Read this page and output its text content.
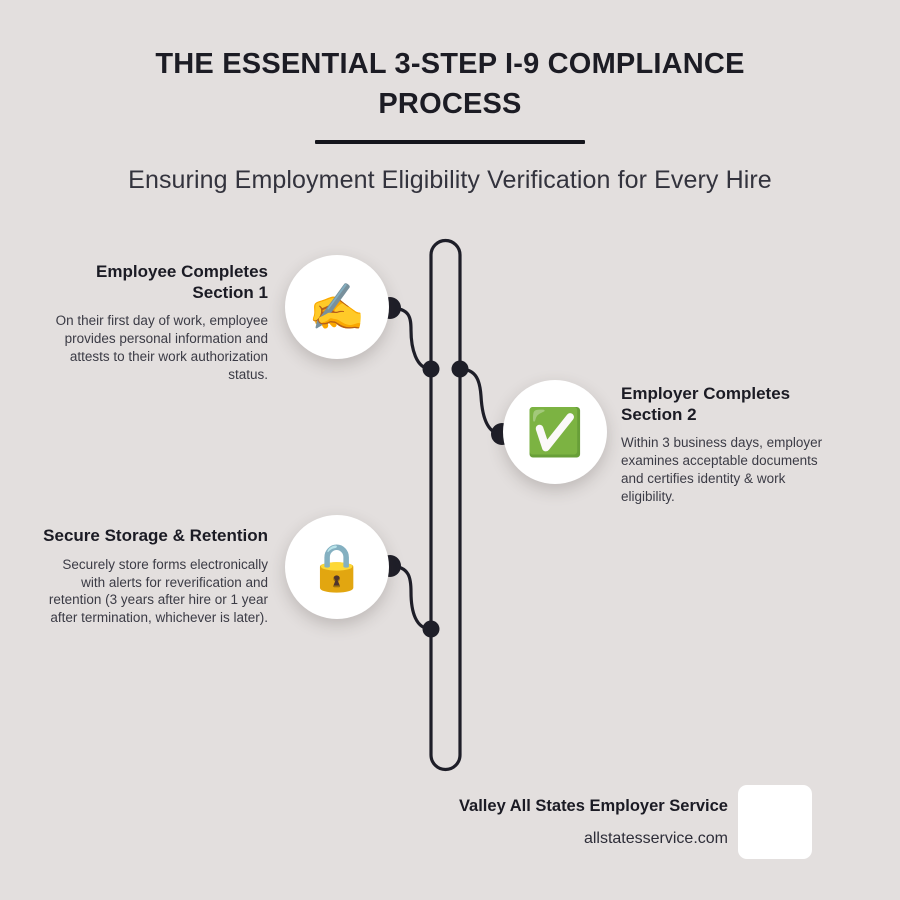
THE ESSENTIAL 3-STEP I-9 COMPLIANCE PROCESS
Ensuring Employment Eligibility Verification for Every Hire
✍️
✅
🔒

Employee Completes Section 1

On their first day of work, employee provides personal information and attests to their work authorization status.

Employer Completes Section 2

Within 3 business days, employer examines acceptable documents and certifies identity & work eligibility.

Secure Storage & Retention

Securely store forms electronically with alerts for reverification and retention (3 years after hire or 1 year after termination, whichever is later).

Valley All States Employer Service
allstatesservice.com
